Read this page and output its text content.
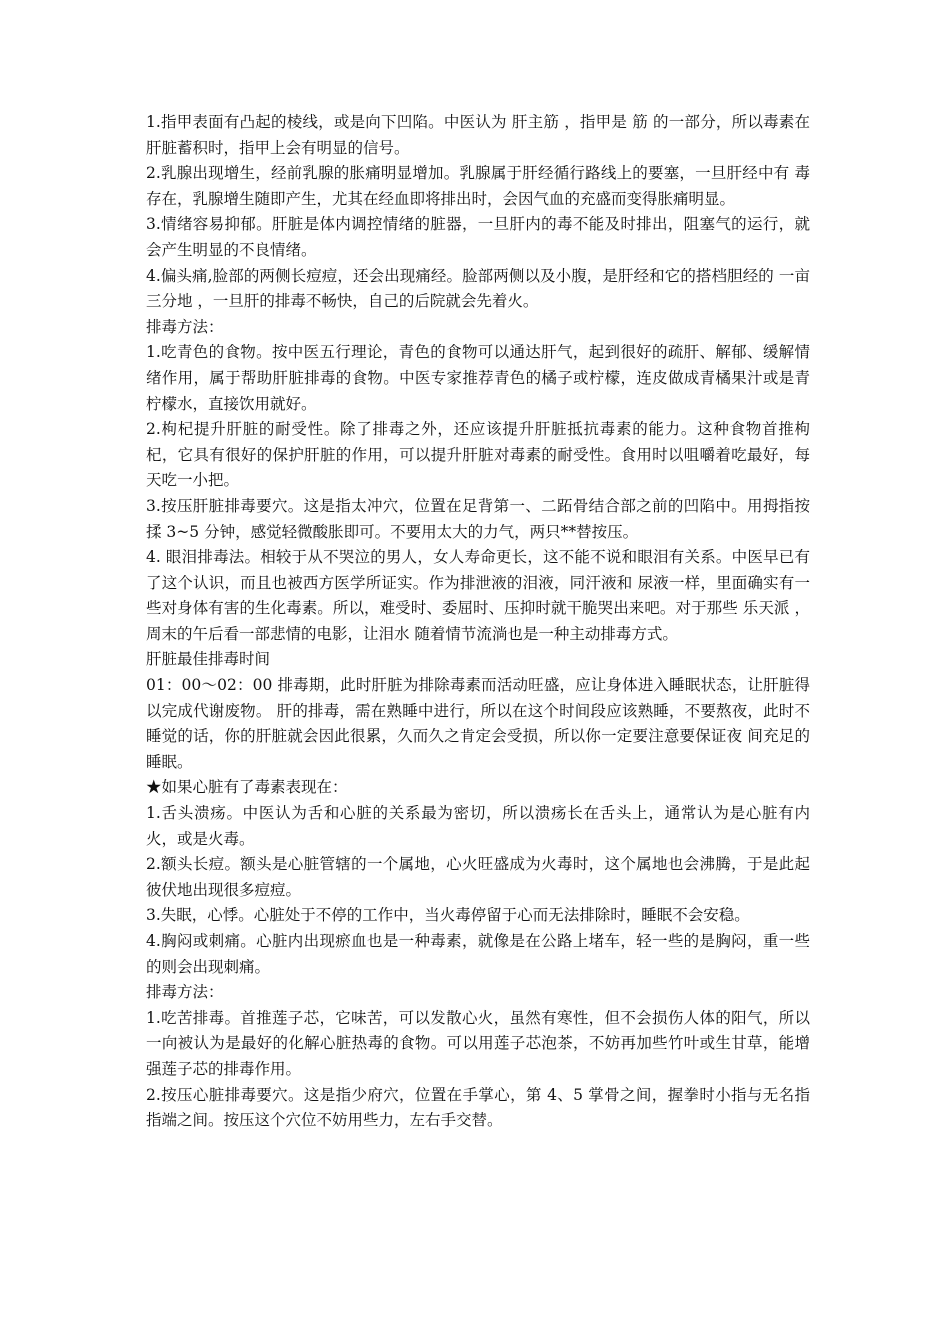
1.指甲表面有凸起的棱线，或是向下凹陷。中医认为 肝主筋 ，指甲是 筋 的一部分，所以毒素在肝脏蓄积时，指甲上会有明显的信号。

2.乳腺出现增生，经前乳腺的胀痛明显增加。乳腺属于肝经循行路线上的要塞，一旦肝经中有 毒 存在，乳腺增生随即产生，尤其在经血即将排出时，会因气血的充盛而变得胀痛明显。

3.情绪容易抑郁。肝脏是体内调控情绪的脏器，一旦肝内的毒不能及时排出，阻塞气的运行，就会产生明显的不良情绪。

4.偏头痛,脸部的两侧长痘痘，还会出现痛经。脸部两侧以及小腹，是肝经和它的搭档胆经的 一亩三分地 ，一旦肝的排毒不畅快，自己的后院就会先着火。

排毒方法：

1.吃青色的食物。按中医五行理论，青色的食物可以通达肝气，起到很好的疏肝、解郁、缓解情绪作用，属于帮助肝脏排毒的食物。中医专家推荐青色的橘子或柠檬，连皮做成青橘果汁或是青柠檬水，直接饮用就好。

2.枸杞提升肝脏的耐受性。除了排毒之外，还应该提升肝脏抵抗毒素的能力。这种食物首推枸杞，它具有很好的保护肝脏的作用，可以提升肝脏对毒素的耐受性。食用时以咀嚼着吃最好，每天吃一小把。

3.按压肝脏排毒要穴。这是指太冲穴，位置在足背第一、二跖骨结合部之前的凹陷中。用拇指按揉 3~5 分钟，感觉轻微酸胀即可。不要用太大的力气，两只**替按压。

4. 眼泪排毒法。相较于从不哭泣的男人，女人寿命更长，这不能不说和眼泪有关系。中医早已有了这个认识，而且也被西方医学所证实。作为排泄液的泪液，同汗液和 尿液一样，里面确实有一些对身体有害的生化毒素。所以，难受时、委屈时、压抑时就干脆哭出来吧。对于那些 乐天派 ，周末的午后看一部悲情的电影，让泪水 随着情节流淌也是一种主动排毒方式。

肝脏最佳排毒时间

01：00～02：00 排毒期，此时肝脏为排除毒素而活动旺盛，应让身体进入睡眠状态，让肝脏得以完成代谢废物。 肝的排毒，需在熟睡中进行，所以在这个时间段应该熟睡，不要熬夜，此时不睡觉的话，你的肝脏就会因此很累，久而久之肯定会受损，所以你一定要注意要保证夜 间充足的睡眠。

★如果心脏有了毒素表现在：

1.舌头溃疡。中医认为舌和心脏的关系最为密切，所以溃疡长在舌头上，通常认为是心脏有内火，或是火毒。

2.额头长痘。额头是心脏管辖的一个属地，心火旺盛成为火毒时，这个属地也会沸腾，于是此起彼伏地出现很多痘痘。

3.失眠，心悸。心脏处于不停的工作中，当火毒停留于心而无法排除时，睡眠不会安稳。

4.胸闷或刺痛。心脏内出现瘀血也是一种毒素，就像是在公路上堵车，轻一些的是胸闷，重一些的则会出现刺痛。

排毒方法：

1.吃苦排毒。首推莲子芯，它味苦，可以发散心火，虽然有寒性，但不会损伤人体的阳气，所以一向被认为是最好的化解心脏热毒的食物。可以用莲子芯泡茶，不妨再加些竹叶或生甘草，能增强莲子芯的排毒作用。

2.按压心脏排毒要穴。这是指少府穴，位置在手掌心，第 4、5 掌骨之间，握拳时小指与无名指指端之间。按压这个穴位不妨用些力，左右手交替。
